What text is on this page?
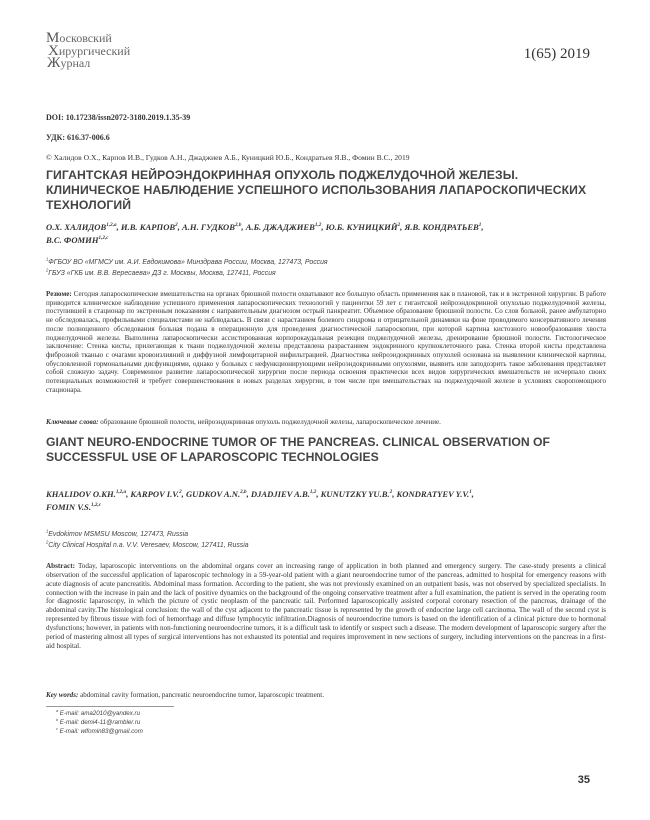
Московский
Хирургический
Журнал
1(65) 2019
DOI: 10.17238/issn2072-3180.2019.1.35-39
УДК: 616.37-006.6
© Халидов О.Х., Карпов И.В., Гудков А.Н., Джаджиев А.Б., Куницкий Ю.Б., Кондратьев Я.В., Фомин В.С., 2019
ГИГАНТСКАЯ НЕЙРОЭНДОКРИННАЯ ОПУХОЛЬ ПОДЖЕЛУДОЧНОЙ ЖЕЛЕЗЫ. КЛИНИЧЕСКОЕ НАБЛЮДЕНИЕ УСПЕШНОГО ИСПОЛЬЗОВАНИЯ ЛАПАРОСКОПИЧЕСКИХ ТЕХНОЛОГИЙ
О.Х. ХАЛИДОВ$^{1,2,a}$, И.В. КАРПОВ$^2$, А.Н. ГУДКОВ$^{2,b}$, А.Б. ДЖАДЖИЕВ$^{1,2}$, Ю.Б. КУНИЦКИЙ$^2$, Я.В. КОНДРАТЬЕВ$^1$,
В.С. ФОМИН$^{1,2,c}$
$^1$ФГБОУ ВО «МГМСУ им. А.И. Евдокимова» Минздрава России, Москва, 127473, Россия
$^2$ГБУЗ «ГКБ им. В.В. Вересаева» ДЗ г. Москвы, Москва, 127411, Россия
Резюме: Сегодня лапароскопические вмешательства на органах брюшной полости охватывают все большую область применения как в плановой, так и в экстренной хирургии. В работе приводится клиническое наблюдение успешного применения лапароскопических технологий у пациентки 59 лет с гигантской нейроэндокринной опухолью поджелудочной железы, поступившей в стационар по экстренным показаниям с направительным диагнозом острый панкреатит. Объемное образование брюшной полости. Со слов больной, ранее амбулаторно не обследовалась, профильными специалистами не наблюдалась. В связи с нарастанием болевого синдрома и отрицательной динамики на фоне проводимого консервативного лечения после полноценного обследования больная подана в операционную для проведения диагностической лапароскопии, при которой картина кистозного новообразования хвоста поджелудочной железы. Выполнена лапароскопически ассистированная корпорокаудальная резекция поджелудочной железы, дренирование брюшной полости. Гистологическое заключение: Стенка кисты, прилегающая к ткани поджелудочной железы представлена разрастанием эндокринного крупноклеточного рака. Стенка второй кисты представлена фиброзной тканью с очагами кровоизлияний и диффузной лимфоцитарной инфильтрацией. Диагностика нейроэндокринных опухолей основана на выявлении клинической картины, обусловленной гормональными дисфункциями, однако у больных с нефункционирующими нейроэндокринными опухолями, выявить или заподозрить такое заболевания представляет собой сложную задачу. Современное развитие лапароскопической хирургии после периода освоения практически всех видов хирургических вмешательств не исчерпало своих потенциальных возможностей и требует совершенствования в новых разделах хирургии, в том числе при вмешательствах на поджелудочной железе в условиях скоропомощного стационара.
Ключевые слова: образование брюшной полости, нейроэндокринная опухоль поджелудочной железы, лапароскопическое лечение.
GIANT NEURO-ENDOCRINE TUMOR OF THE PANCREAS. CLINICAL OBSERVATION OF SUCCESSFUL USE OF LAPAROSCOPIC TECHNOLOGIES
KHALIDOV O.KH.$^{1,2,a}$, KARPOV I.V.$^2$, GUDKOV A.N.$^{2,b}$, DJADJIEV A.B.$^{1,2}$, KUNUTZKY YU.B.$^2$, KONDRATYEV Y.V.$^1$,
FOMIN V.S.$^{1,2,c}$
$^1$Evdokimov MSMSU Moscow, 127473, Russia
$^2$City Clinical Hospital n.a. V.V. Veresaev, Moscow, 127411, Russia
Abstract: Today, laparoscopic interventions on the abdominal organs cover an increasing range of application in both planned and emergency surgery. The case-study presents a clinical observation of the successful application of laparoscopic technology in a 59-year-old patient with a giant neuroendocrine tumor of the pancreas, admitted to hospital for emergency reasons with acute diagnosis of acute pancreatitis. Abdominal mass formation. According to the patient, she was not previously examined on an outpatient basis, was not observed by specialized specialists. In connection with the increase in pain and the lack of positive dynamics on the background of the ongoing conservative treatment after a full examination, the patient is served in the operating room for diagnostic laparoscopy, in which the picture of cystic neoplasm of the pancreatic tail. Performed laparoscopically assisted corporal coronary resection of the pancreas, drainage of the abdominal cavity.The histological conclusion: the wall of the cyst adjacent to the pancreatic tissue is represented by the growth of endocrine large cell carcinoma. The wall of the second cyst is represented by fibrous tissue with foci of hemorrhage and diffuse lymphocytic infiltration.Diagnosis of neuroendocrine tumors is based on the identification of a clinical picture due to hormonal dysfunctions; however, in patients with non-functioning neuroendocrine tumors, it is a difficult task to identify or suspect such a disease. The modern development of laparoscopic surgery after the period of mastering almost all types of surgical interventions has not exhausted its potential and requires improvement in new sections of surgery, including interventions on the pancreas in a first-aid hospital.
Key words: abdominal cavity formation, pancreatic neuroendocrine tumor, laparoscopic treatment.
$^a$ E-mail: ama2010@yandex.ru
$^b$ E-mail: demi4-11@rambler.ru
$^c$ E-mail: wlfomin83@gmail.com
35
